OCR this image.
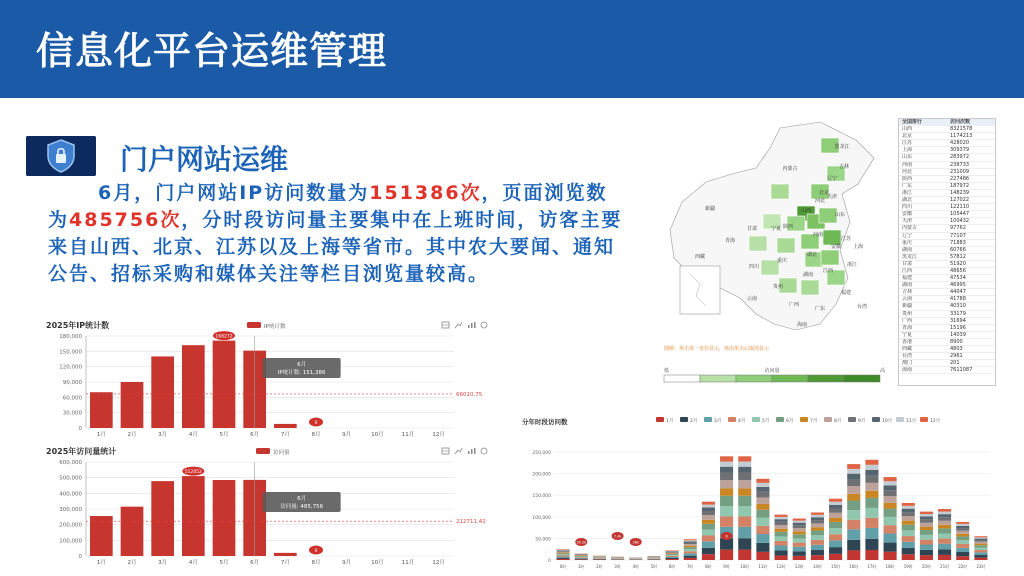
信息化平台运维管理
门户网站运维
6月，门户网站IP访问数量为151386次，页面浏览数为485756次，分时段访问量主要集中在上班时间，访客主要来自山西、北京、江苏以及上海等省市。其中农大要闻、通知公告、招标采购和媒体关注等栏目浏览量较高。
2025年IP统计数	IP统计数
0
30,000
60,000
90,000
120,000
150,000
180,000
1月	2月	3月	4月	5月	6月	7月	8月	9月	10月	11月	12月
66010.75
168272
0
6月
IP统计数: 151,386
2025年访问量统计	访问量
0
100,000
200,000
300,000
400,000
500,000
600,000
1月	2月	3月	4月	5月	6月	7月	8月	9月	10月	11月	12月
212711.42
512052
0
6月
访问量: 485,756
分年时段访问数	1月	2月	3月	4月	5月	6月	7月	8月	9月	10月	11月	12月
0
50,000
100,000
150,000
200,000
250,000
0时	1时	2时	3时	4时	5时	6时	7时	8时	9时	10时 11时 12时 13时 14时 15时 16时 17时 18时 19时 20时 21时 22时 23时
39.2k
7.4k
38k
6
黑龙江
吉林
辽宁
内蒙古
新疆
西藏
青海
甘肃	宁夏 陕西
山西
河北
北京
天津
山东
河南
湖北
湖南
江西
安徽
江苏
上海
浙江
福建
广东
广西
云南
贵州
四川
重庆
海南
台湾
图例：单击某一省份显示，再次单击后取消显示
低	高
访问量
全国排行	访问次数
山西	8321578
北京	1174213
江苏	428020
上海	309379
山东	283972
河南	238733
河北	231009
陕西	227486
广东	187972
浙江	148239
湖北	127022
四川	122110
安徽	105447
天津	100432
内蒙古	97762
辽宁	77107
重庆	71883
湖南	60766
黑龙江	57812
甘肃	51920
江西	48656
福建	47534
湖南	46995
吉林	44047
云南	41788
新疆	40310
贵州	33179
广西	31694
青海	15196
宁夏	14039
香港	8900
西藏	4803
台湾	2961
澳门	201
海南	7611087
